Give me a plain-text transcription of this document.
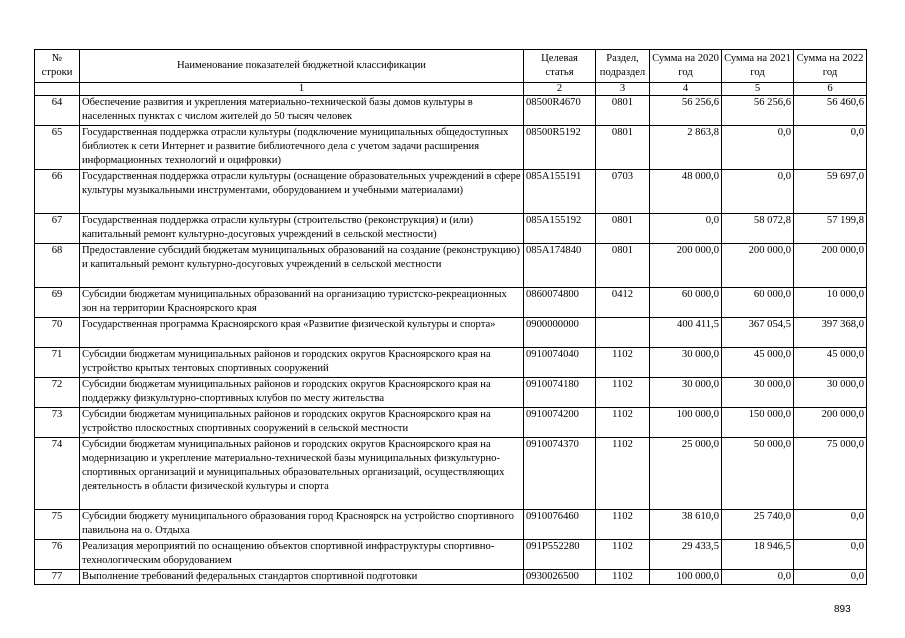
№ строки	Наименование показателей бюджетной классификации	Целевая статья	Раздел, подраздел	Сумма на 2020 год	Сумма на 2021 год	Сумма на 2022 год
	1	2	3	4	5	6
64	Обеспечение развития и укрепления материально-технической базы домов культуры в населенных пунктах с числом жителей до 50 тысяч человек	08500R4670	0801	56 256,6	56 256,6	56 460,6
65	Государственная поддержка отрасли культуры (подключение муниципальных общедоступных библиотек к сети Интернет и развитие библиотечного дела с учетом задачи расширения информационных технологий и оцифровки)	08500R5192	0801	2 863,8	0,0	0,0
66	Государственная поддержка отрасли культуры (оснащение образовательных учреждений в сфере культуры музыкальными инструментами, оборудованием и учебными материалами)	085A155191	0703	48 000,0	0,0	59 697,0
67	Государственная поддержка отрасли культуры (строительство (реконструкция) и (или) капитальный ремонт культурно-досуговых учреждений в сельской местности)	085A155192	0801	0,0	58 072,8	57 199,8
68	Предоставление субсидий бюджетам муниципальных образований на создание (реконструкцию) и капитальный ремонт культурно-досуговых учреждений в сельской местности	085A174840	0801	200 000,0	200 000,0	200 000,0
69	Субсидии бюджетам муниципальных образований на организацию туристско-рекреационных зон на территории Красноярского края	0860074800	0412	60 000,0	60 000,0	10 000,0
70	Государственная программа Красноярского края «Развитие физической культуры и спорта»	0900000000		400 411,5	367 054,5	397 368,0
71	Субсидии бюджетам муниципальных районов и городских округов Красноярского края на устройство крытых тентовых спортивных сооружений	0910074040	1102	30 000,0	45 000,0	45 000,0
72	Субсидии бюджетам муниципальных районов и городских округов Красноярского края на поддержку физкультурно-спортивных клубов по месту жительства	0910074180	1102	30 000,0	30 000,0	30 000,0
73	Субсидии бюджетам муниципальных районов и городских округов Красноярского края на устройство плоскостных спортивных сооружений в сельской местности	0910074200	1102	100 000,0	150 000,0	200 000,0
74	Субсидии бюджетам муниципальных районов и городских округов Красноярского края на модернизацию и укрепление материально-технической базы муниципальных физкультурно-спортивных организаций и муниципальных образовательных организаций, осуществляющих деятельность в области физической культуры и спорта	0910074370	1102	25 000,0	50 000,0	75 000,0
75	Субсидии бюджету муниципального образования город Красноярск на устройство спортивного павильона на о. Отдыха	0910076460	1102	38 610,0	25 740,0	0,0
76	Реализация мероприятий по оснащению объектов спортивной инфраструктуры спортивно-технологическим оборудованием	091P552280	1102	29 433,5	18 946,5	0,0
77	Выполнение требований федеральных стандартов спортивной подготовки	0930026500	1102	100 000,0	0,0	0,0
893
